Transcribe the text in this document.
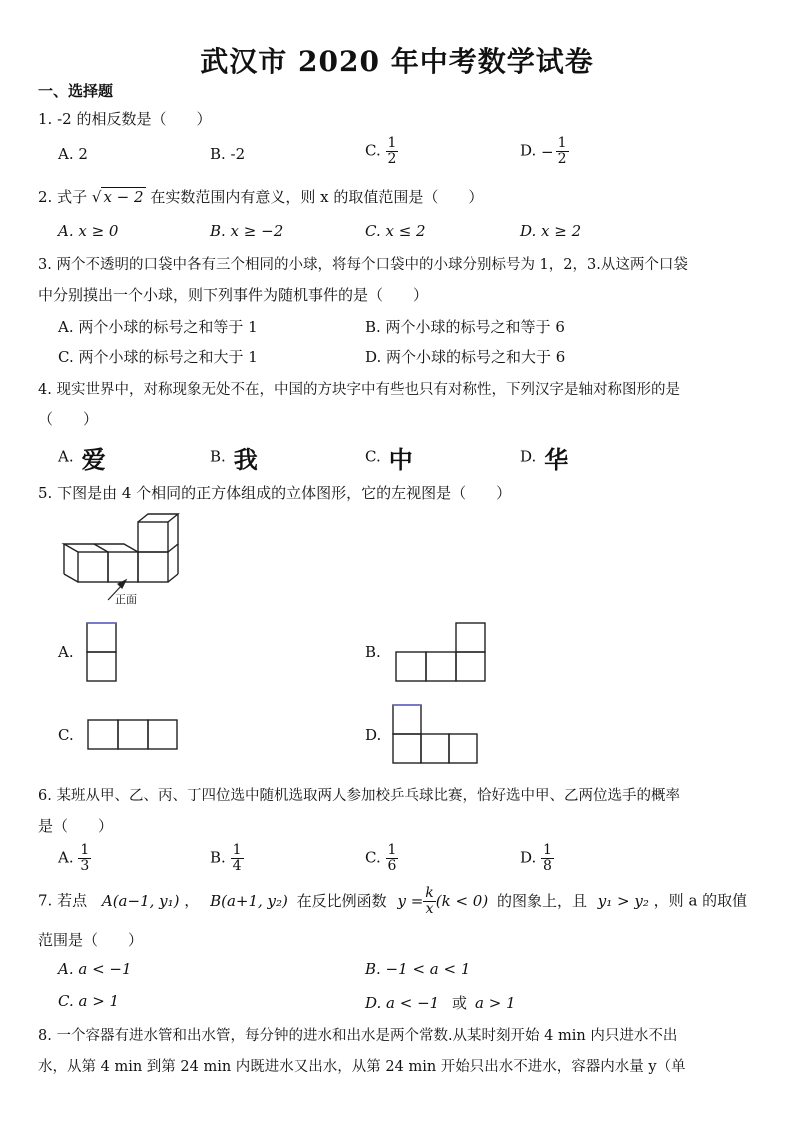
武汉市 2020 年中考数学试卷
一、选择题
1. -2 的相反数是（　　）
A. 2	B. -2	C. $\frac{1}{2}$	D. − $\frac{1}{2}$
2. 式子 √ x − 2 在实数范围内有意义，则 x 的取值范围是（　　）
A. x ≥ 0	B. x ≥ −2	C. x ≤ 2	D. x ≥ 2
3. 两个不透明的口袋中各有三个相同的小球，将每个口袋中的小球分别标号为 1，2，3.从这两个口袋
中分别摸出一个小球，则下列事件为随机事件的是（　　）
A. 两个小球的标号之和等于 1	B. 两个小球的标号之和等于 6
C. 两个小球的标号之和大于 1	D. 两个小球的标号之和大于 6
4. 现实世界中，对称现象无处不在，中国的方块字中有些也只有对称性，下列汉字是轴对称图形的是
（　　）
A. 爱	B. 我	C. 中	D. 华
5. 下图是由 4 个相同的正方体组成的立体图形，它的左视图是（　　）
正面
A.	B.
C.	D.
6. 某班从甲、乙、丙、丁四位选中随机选取两人参加校乒乓球比赛，恰好选中甲、乙两位选手的概率
是（　　）
A. $\frac{1}{3}$	B. $\frac{1}{4}$	C. $\frac{1}{6}$	D. $\frac{1}{8}$
7. 若点 A(a−1, y₁) ， B(a+1, y₂) 在反比例函数 $y = \frac{k}{x} (k < 0)$ 的图象上，且 y₁ > y₂ ，则 a 的取值
范围是（　　）
A. a < −1	B. −1 < a < 1
C. a > 1	D. a < −1 或 a > 1
8. 一个容器有进水管和出水管，每分钟的进水和出水是两个常数.从某时刻开始 4 min 内只进水不出
水，从第 4 min 到第 24 min 内既进水又出水，从第 24 min 开始只出水不进水，容器内水量 y（单
